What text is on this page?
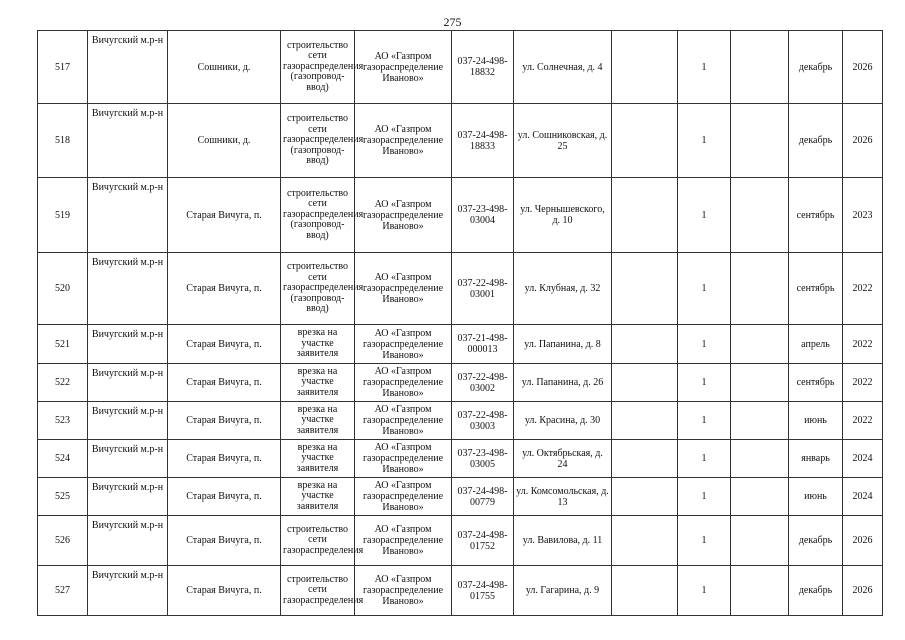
275
517	Вичугский м.р-н	Сошники, д.	строительство сети газораспределения (газопровод-ввод)	АО «Газпром газораспределение Иваново»	037-24-498-18832	ул. Солнечная, д. 4		1		декабрь	2026
518	Вичугский м.р-н	Сошники, д.	строительство сети газораспределения (газопровод-ввод)	АО «Газпром газораспределение Иваново»	037-24-498-18833	ул. Сошниковская, д. 25		1		декабрь	2026
519	Вичугский м.р-н	Старая Вичуга, п.	строительство сети газораспределения (газопровод-ввод)	АО «Газпром газораспределение Иваново»	037-23-498-03004	ул. Чернышевского, д. 10		1		сентябрь	2023
520	Вичугский м.р-н	Старая Вичуга, п.	строительство сети газораспределения (газопровод-ввод)	АО «Газпром газораспределение Иваново»	037-22-498-03001	ул. Клубная, д. 32		1		сентябрь	2022
521	Вичугский м.р-н	Старая Вичуга, п.	врезка на участке заявителя	АО «Газпром газораспределение Иваново»	037-21-498-000013	ул. Папанина, д. 8		1		апрель	2022
522	Вичугский м.р-н	Старая Вичуга, п.	врезка на участке заявителя	АО «Газпром газораспределение Иваново»	037-22-498-03002	ул. Папанина, д. 26		1		сентябрь	2022
523	Вичугский м.р-н	Старая Вичуга, п.	врезка на участке заявителя	АО «Газпром газораспределение Иваново»	037-22-498-03003	ул. Красина, д. 30		1		июнь	2022
524	Вичугский м.р-н	Старая Вичуга, п.	врезка на участке заявителя	АО «Газпром газораспределение Иваново»	037-23-498-03005	ул. Октябрьская, д. 24		1		январь	2024
525	Вичугский м.р-н	Старая Вичуга, п.	врезка на участке заявителя	АО «Газпром газораспределение Иваново»	037-24-498-00779	ул. Комсомольская, д. 13		1		июнь	2024
526	Вичугский м.р-н	Старая Вичуга, п.	строительство сети газораспределения	АО «Газпром газораспределение Иваново»	037-24-498-01752	ул. Вавилова, д. 11		1		декабрь	2026
527	Вичугский м.р-н	Старая Вичуга, п.	строительство сети газораспределения	АО «Газпром газораспределение Иваново»	037-24-498-01755	ул. Гагарина, д. 9		1		декабрь	2026
